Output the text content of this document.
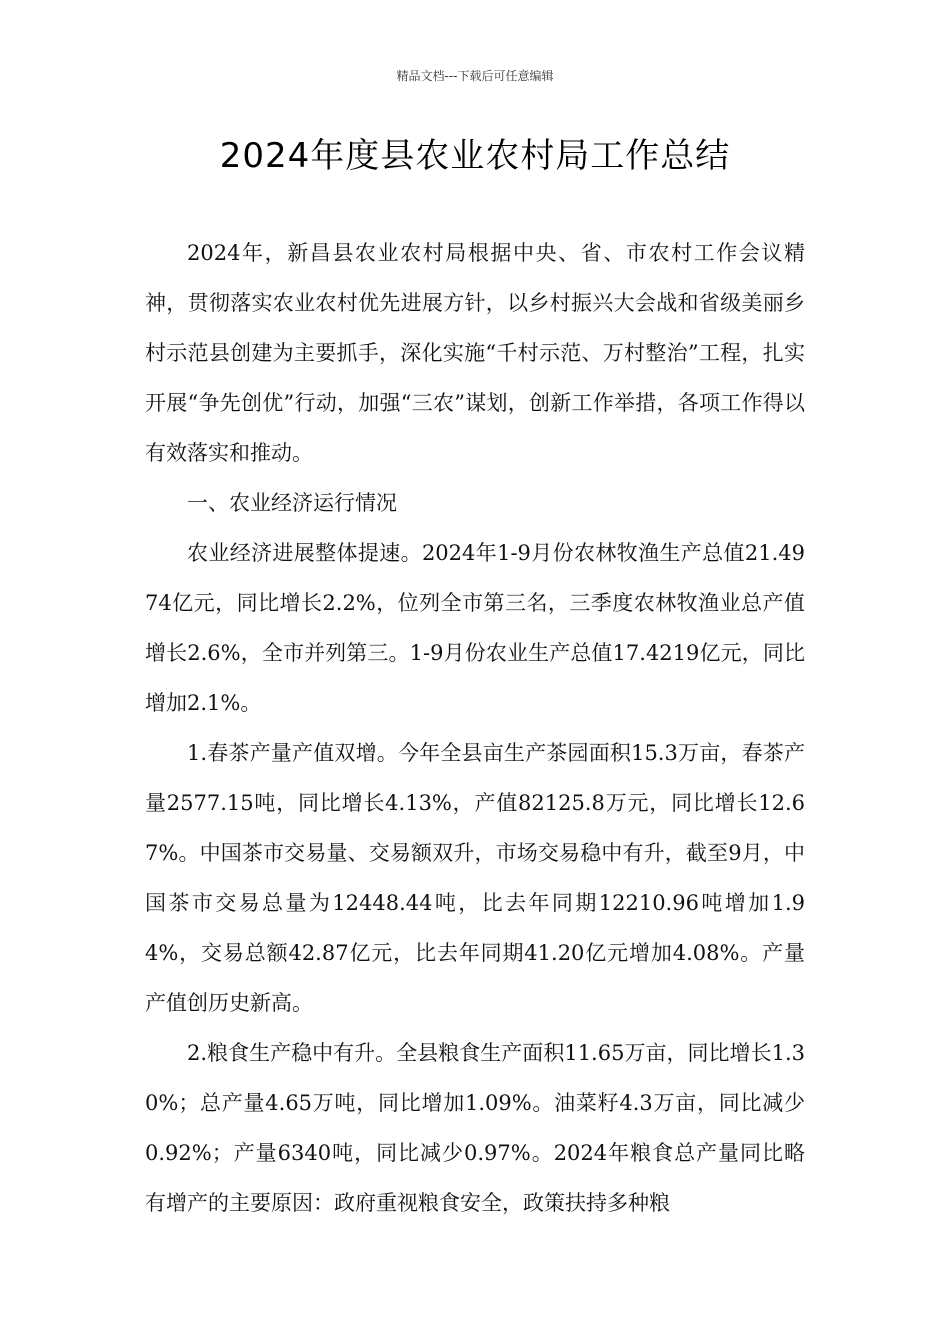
精品文档---下载后可任意编辑
2024年度县农业农村局工作总结

2024年，新昌县农业农村局根据中央、省、市农村工作会议精神，贯彻落实农业农村优先进展方针，以乡村振兴大会战和省级美丽乡村示范县创建为主要抓手，深化实施“千村示范、万村整治”工程，扎实开展“争先创优”行动，加强“三农”谋划，创新工作举措，各项工作得以有效落实和推动。

一、农业经济运行情况

农业经济进展整体提速。2024年1-9月份农林牧渔生产总值21.4974亿元，同比增长2.2%，位列全市第三名，三季度农林牧渔业总产值增长2.6%，全市并列第三。1-9月份农业生产总值17.4219亿元，同比增加2.1%。

1.春茶产量产值双增。今年全县亩生产茶园面积15.3万亩，春茶产量2577.15吨，同比增长4.13%，产值82125.8万元，同比增长12.67%。中国茶市交易量、交易额双升，市场交易稳中有升，截至9月，中国茶市交易总量为12448.44吨，比去年同期12210.96吨增加1.94%，交易总额42.87亿元，比去年同期41.20亿元增加4.08%。产量产值创历史新高。

2.粮食生产稳中有升。全县粮食生产面积11.65万亩，同比增长1.30%；总产量4.65万吨，同比增加1.09%。油菜籽4.3万亩，同比减少0.92%；产量6340吨，同比减少0.97%。2024年粮食总产量同比略有增产的主要原因：政府重视粮食安全，政策扶持多种粮
